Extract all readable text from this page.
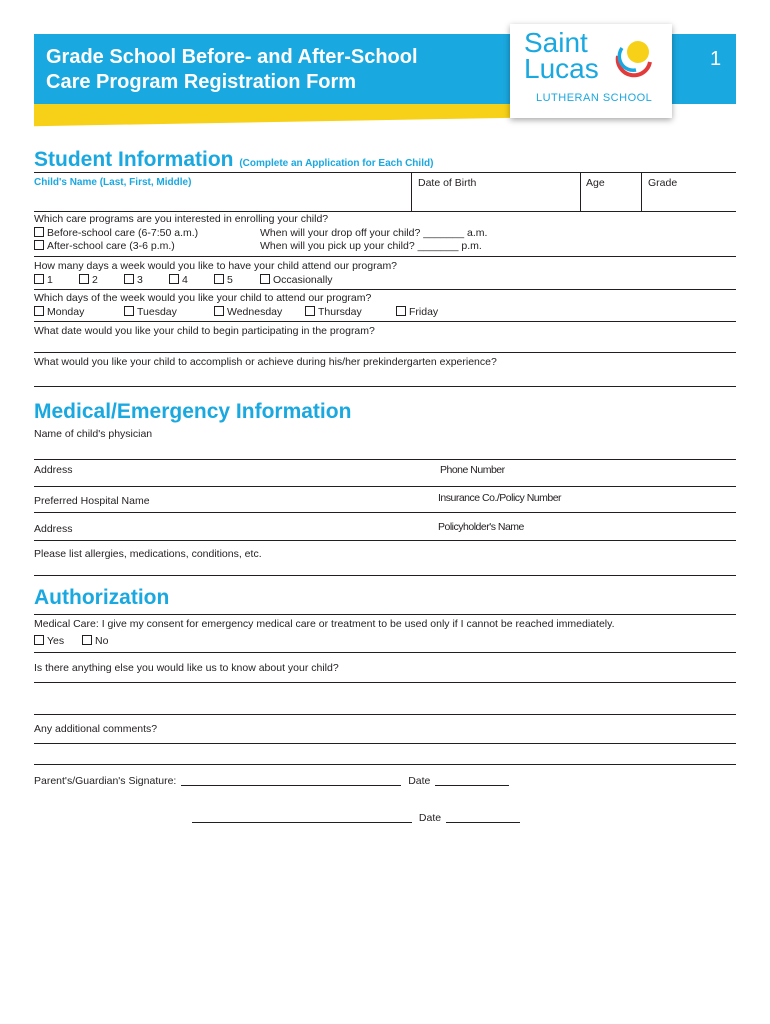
Grade School Before- and After-School
Care Program Registration Form
1
Saint
Lucas
LUTHERAN SCHOOL
Student Information (Complete an Application for Each Child)
Child's Name (Last, First, Middle)	Date of Birth	Age	Grade
Which care programs are you interested in enrolling your child?
Before-school care (6-7:50 a.m.)
After-school care (3-6 p.m.)
When will your drop off your child? _______ a.m.
When will you pick up your child? _______ p.m.
How many days a week would you like to have your child attend our program?
1	2	3	4	5	Occasionally
Which days of the week would you like your child to attend our program?
Monday	Tuesday	Wednesday	Thursday	Friday
What date would you like your child to begin participating in the program?
What would you like your child to accomplish or achieve during his/her prekindergarten experience?
Medical/Emergency Information
Name of child's physician
Address	Phone Number
Preferred Hospital Name	Insurance Co./Policy Number
Address	Policyholder's Name
Please list allergies, medications, conditions, etc.
Authorization
Medical Care: I give my consent for emergency medical care or treatment to be used only if I cannot be reached immediately.
Yes	No
Is there anything else you would like us to know about your child?
Any additional comments?
Parent's/Guardian's Signature:	Date
Date
